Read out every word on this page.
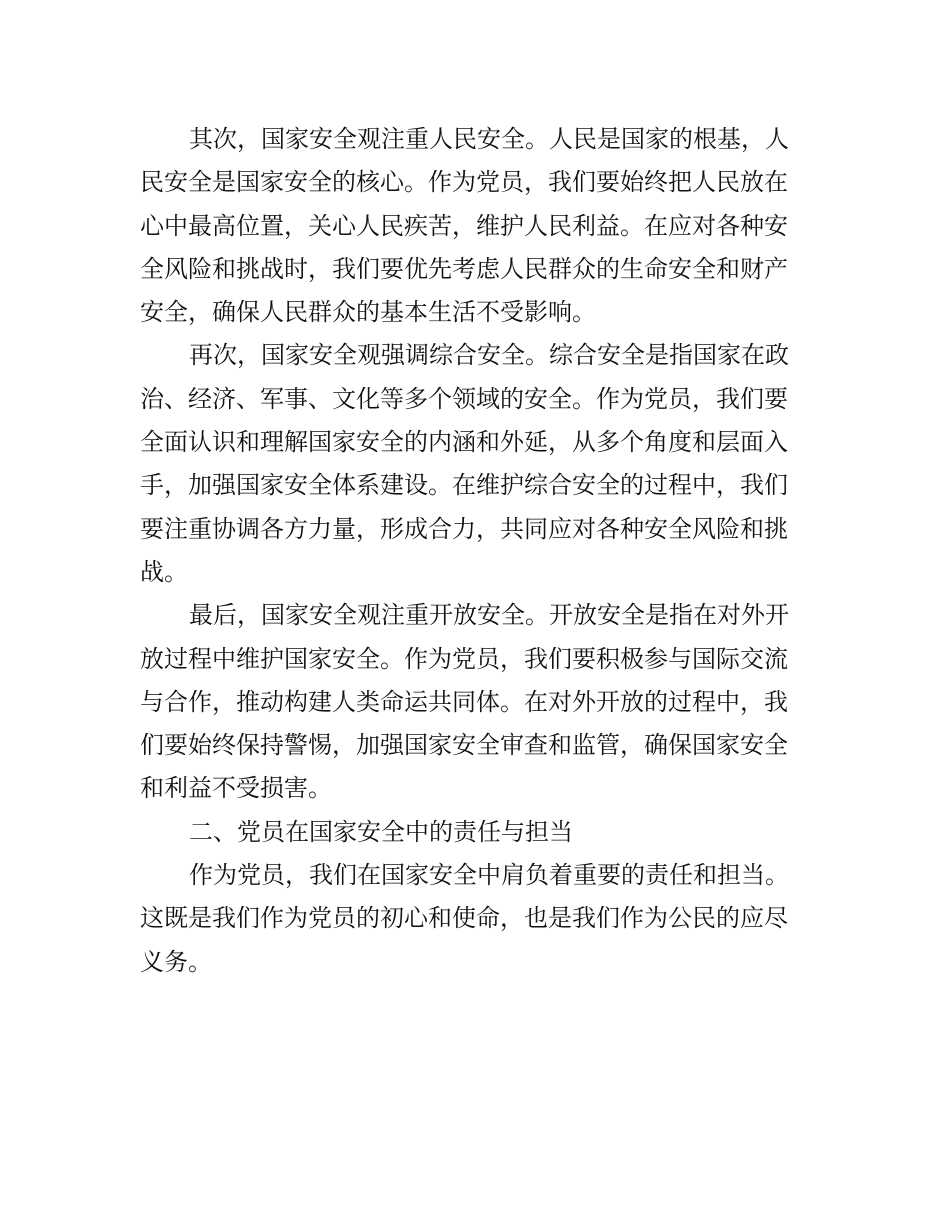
其次，国家安全观注重人民安全。人民是国家的根基，人
民安全是国家安全的核心。作为党员，我们要始终把人民放在
心中最高位置，关心人民疾苦，维护人民利益。在应对各种安
全风险和挑战时，我们要优先考虑人民群众的生命安全和财产
安全，确保人民群众的基本生活不受影响。
再次，国家安全观强调综合安全。综合安全是指国家在政
治、经济、军事、文化等多个领域的安全。作为党员，我们要
全面认识和理解国家安全的内涵和外延，从多个角度和层面入
手，加强国家安全体系建设。在维护综合安全的过程中，我们
要注重协调各方力量，形成合力，共同应对各种安全风险和挑
战。
最后，国家安全观注重开放安全。开放安全是指在对外开
放过程中维护国家安全。作为党员，我们要积极参与国际交流
与合作，推动构建人类命运共同体。在对外开放的过程中，我
们要始终保持警惕，加强国家安全审查和监管，确保国家安全
和利益不受损害。
二、党员在国家安全中的责任与担当
作为党员，我们在国家安全中肩负着重要的责任和担当。
这既是我们作为党员的初心和使命，也是我们作为公民的应尽
义务。
